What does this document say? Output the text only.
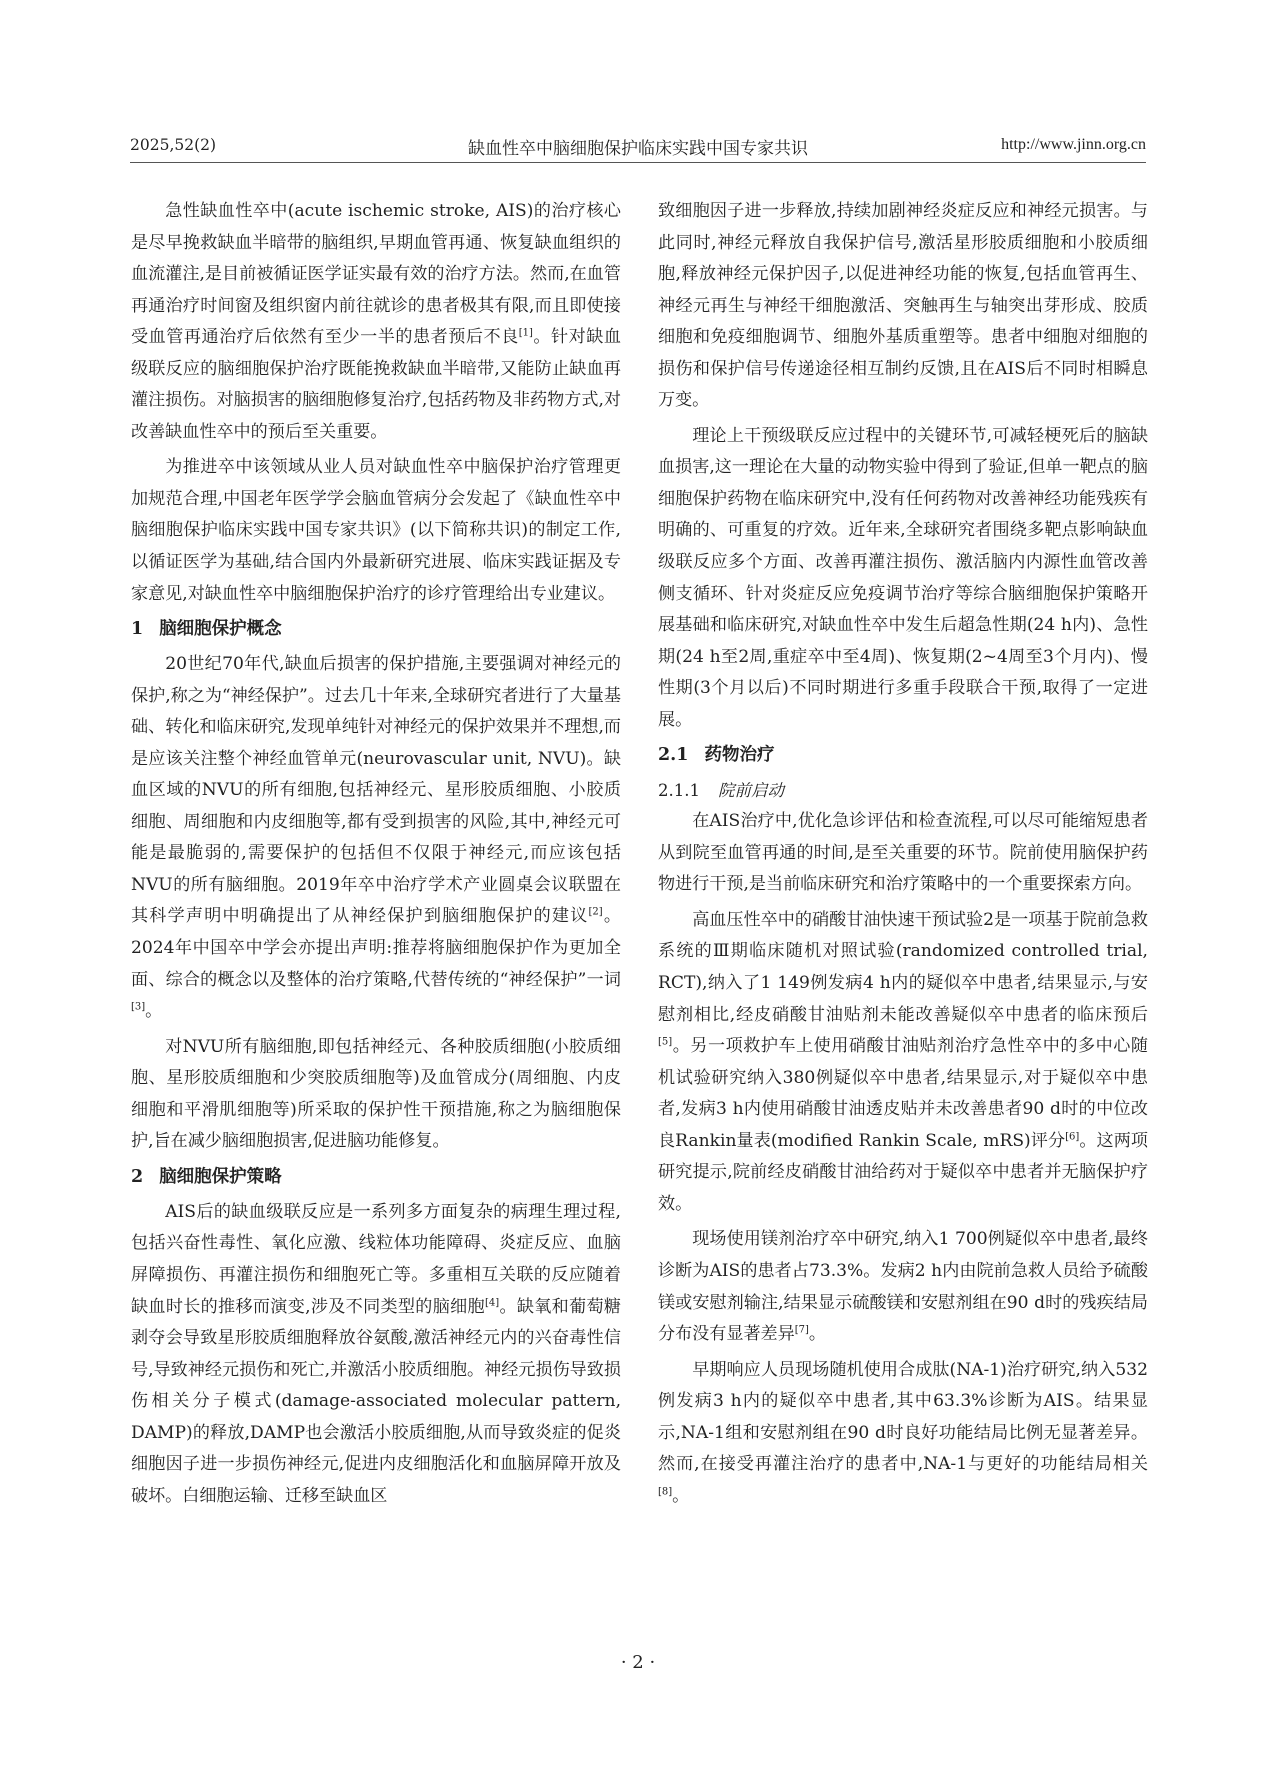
2025,52(2)	缺血性卒中脑细胞保护临床实践中国专家共识	http://www.jinn.org.cn

急性缺血性卒中(acute ischemic stroke, AIS)的治疗核心是尽早挽救缺血半暗带的脑组织,早期血管再通、恢复缺血组织的血流灌注,是目前被循证医学证实最有效的治疗方法。然而,在血管再通治疗时间窗及组织窗内前往就诊的患者极其有限,而且即使接受血管再通治疗后依然有至少一半的患者预后不良[1]。针对缺血级联反应的脑细胞保护治疗既能挽救缺血半暗带,又能防止缺血再灌注损伤。对脑损害的脑细胞修复治疗,包括药物及非药物方式,对改善缺血性卒中的预后至关重要。

为推进卒中该领域从业人员对缺血性卒中脑保护治疗管理更加规范合理,中国老年医学学会脑血管病分会发起了《缺血性卒中脑细胞保护临床实践中国专家共识》(以下简称共识)的制定工作,以循证医学为基础,结合国内外最新研究进展、临床实践证据及专家意见,对缺血性卒中脑细胞保护治疗的诊疗管理给出专业建议。

1 脑细胞保护概念

20世纪70年代,缺血后损害的保护措施,主要强调对神经元的保护,称之为“神经保护”。过去几十年来,全球研究者进行了大量基础、转化和临床研究,发现单纯针对神经元的保护效果并不理想,而是应该关注整个神经血管单元(neurovascular unit, NVU)。缺血区域的NVU的所有细胞,包括神经元、星形胶质细胞、小胶质细胞、周细胞和内皮细胞等,都有受到损害的风险,其中,神经元可能是最脆弱的,需要保护的包括但不仅限于神经元,而应该包括NVU的所有脑细胞。2019年卒中治疗学术产业圆桌会议联盟在其科学声明中明确提出了从神经保护到脑细胞保护的建议[2]。2024年中国卒中学会亦提出声明:推荐将脑细胞保护作为更加全面、综合的概念以及整体的治疗策略,代替传统的“神经保护”一词[3]。

对NVU所有脑细胞,即包括神经元、各种胶质细胞(小胶质细胞、星形胶质细胞和少突胶质细胞等)及血管成分(周细胞、内皮细胞和平滑肌细胞等)所采取的保护性干预措施,称之为脑细胞保护,旨在减少脑细胞损害,促进脑功能修复。

2 脑细胞保护策略

AIS后的缺血级联反应是一系列多方面复杂的病理生理过程,包括兴奋性毒性、氧化应激、线粒体功能障碍、炎症反应、血脑屏障损伤、再灌注损伤和细胞死亡等。多重相互关联的反应随着缺血时长的推移而演变,涉及不同类型的脑细胞[4]。缺氧和葡萄糖剥夺会导致星形胶质细胞释放谷氨酸,激活神经元内的兴奋毒性信号,导致神经元损伤和死亡,并激活小胶质细胞。神经元损伤导致损伤相关分子模式(damage-associated molecular pattern, DAMP)的释放,DAMP也会激活小胶质细胞,从而导致炎症的促炎细胞因子进一步损伤神经元,促进内皮细胞活化和血脑屏障开放及破坏。白细胞运输、迁移至缺血区

致细胞因子进一步释放,持续加剧神经炎症反应和神经元损害。与此同时,神经元释放自我保护信号,激活星形胶质细胞和小胶质细胞,释放神经元保护因子,以促进神经功能的恢复,包括血管再生、神经元再生与神经干细胞激活、突触再生与轴突出芽形成、胶质细胞和免疫细胞调节、细胞外基质重塑等。患者中细胞对细胞的损伤和保护信号传递途径相互制约反馈,且在AIS后不同时相瞬息万变。

理论上干预级联反应过程中的关键环节,可减轻梗死后的脑缺血损害,这一理论在大量的动物实验中得到了验证,但单一靶点的脑细胞保护药物在临床研究中,没有任何药物对改善神经功能残疾有明确的、可重复的疗效。近年来,全球研究者围绕多靶点影响缺血级联反应多个方面、改善再灌注损伤、激活脑内内源性血管改善侧支循环、针对炎症反应免疫调节治疗等综合脑细胞保护策略开展基础和临床研究,对缺血性卒中发生后超急性期(24 h内)、急性期(24 h至2周,重症卒中至4周)、恢复期(2~4周至3个月内)、慢性期(3个月以后)不同时期进行多重手段联合干预,取得了一定进展。

2.1 药物治疗
2.1.1 院前启动

在AIS治疗中,优化急诊评估和检查流程,可以尽可能缩短患者从到院至血管再通的时间,是至关重要的环节。院前使用脑保护药物进行干预,是当前临床研究和治疗策略中的一个重要探索方向。

高血压性卒中的硝酸甘油快速干预试验2是一项基于院前急救系统的Ⅲ期临床随机对照试验(randomized controlled trial, RCT),纳入了1 149例发病4 h内的疑似卒中患者,结果显示,与安慰剂相比,经皮硝酸甘油贴剂未能改善疑似卒中患者的临床预后[5]。另一项救护车上使用硝酸甘油贴剂治疗急性卒中的多中心随机试验研究纳入380例疑似卒中患者,结果显示,对于疑似卒中患者,发病3 h内使用硝酸甘油透皮贴并未改善患者90 d时的中位改良Rankin量表(modified Rankin Scale, mRS)评分[6]。这两项研究提示,院前经皮硝酸甘油给药对于疑似卒中患者并无脑保护疗效。

现场使用镁剂治疗卒中研究,纳入1 700例疑似卒中患者,最终诊断为AIS的患者占73.3%。发病2 h内由院前急救人员给予硫酸镁或安慰剂输注,结果显示硫酸镁和安慰剂组在90 d时的残疾结局分布没有显著差异[7]。

早期响应人员现场随机使用合成肽(NA-1)治疗研究,纳入532例发病3 h内的疑似卒中患者,其中63.3%诊断为AIS。结果显示,NA-1组和安慰剂组在90 d时良好功能结局比例无显著差异。然而,在接受再灌注治疗的患者中,NA-1与更好的功能结局相关[8]。

· 2 ·
